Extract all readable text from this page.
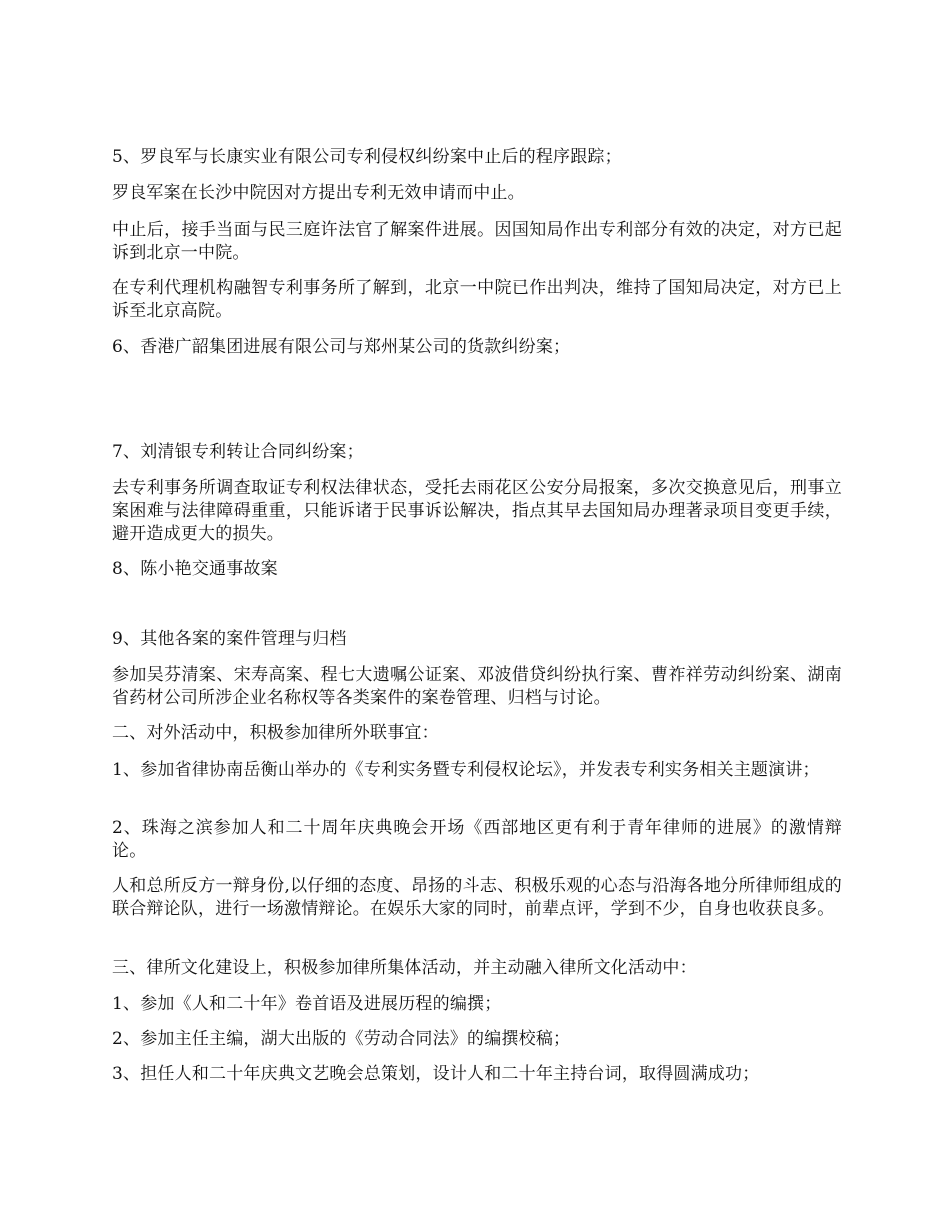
5、罗良军与长康实业有限公司专利侵权纠纷案中止后的程序跟踪；

罗良军案在长沙中院因对方提出专利无效申请而中止。

中止后，接手当面与民三庭许法官了解案件进展。因国知局作出专利部分有效的决定，对方已起诉到北京一中院。

在专利代理机构融智专利事务所了解到，北京一中院已作出判决，维持了国知局决定，对方已上诉至北京高院。

6、香港广韶集团进展有限公司与郑州某公司的货款纠纷案；

7、刘清银专利转让合同纠纷案；

去专利事务所调查取证专利权法律状态，受托去雨花区公安分局报案，多次交换意见后，刑事立案困难与法律障碍重重，只能诉诸于民事诉讼解决，指点其早去国知局办理著录项目变更手续，避开造成更大的损失。

8、陈小艳交通事故案

9、其他各案的案件管理与归档

参加吴芬清案、宋寿高案、程七大遗嘱公证案、邓波借贷纠纷执行案、曹祚祥劳动纠纷案、湖南省药材公司所涉企业名称权等各类案件的案卷管理、归档与讨论。

二、对外活动中，积极参加律所外联事宜：

1、参加省律协南岳衡山举办的《专利实务暨专利侵权论坛》，并发表专利实务相关主题演讲；

2、珠海之滨参加人和二十周年庆典晚会开场《西部地区更有利于青年律师的进展》的激情辩论。

人和总所反方一辩身份,以仔细的态度、昂扬的斗志、积极乐观的心态与沿海各地分所律师组成的联合辩论队，进行一场激情辩论。在娱乐大家的同时，前辈点评，学到不少，自身也收获良多。

三、律所文化建设上，积极参加律所集体活动，并主动融入律所文化活动中：

1、参加《人和二十年》卷首语及进展历程的编撰；

2、参加主任主编，湖大出版的《劳动合同法》的编撰校稿；

3、担任人和二十年庆典文艺晚会总策划，设计人和二十年主持台词，取得圆满成功；
